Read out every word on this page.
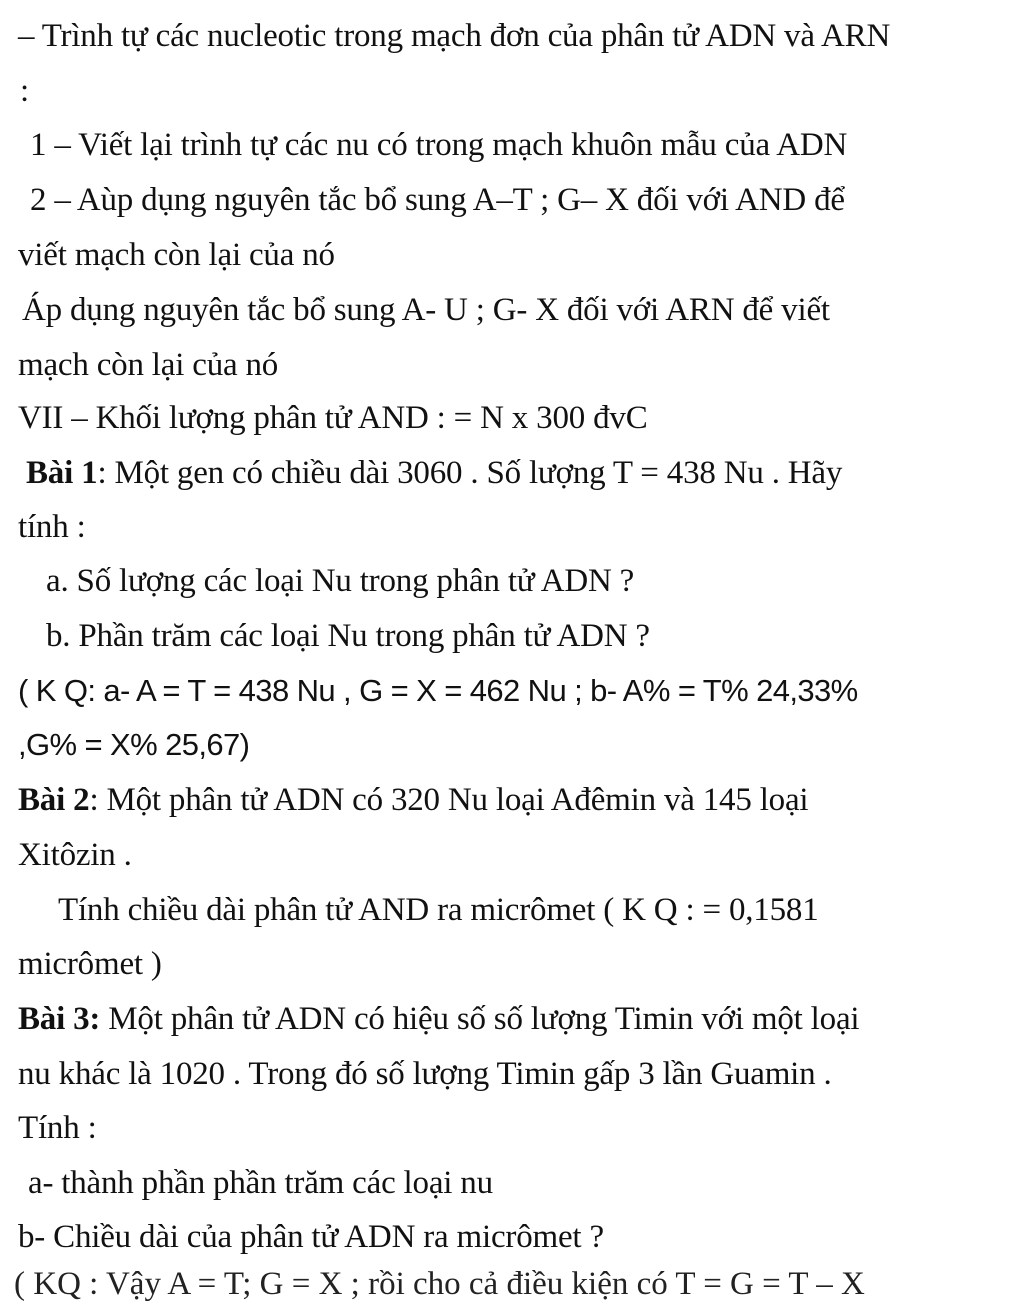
– Trình tự các nucleotic trong mạch đơn của phân tử ADN và ARN
:
1 – Viết lại trình tự các nu có trong mạch khuôn mẫu của ADN
2 – Aùp dụng nguyên tắc bổ sung A–T ; G– X đối với AND để
viết mạch còn lại của nó
Áp dụng nguyên tắc bổ sung A- U ; G- X đối với ARN để viết
mạch còn lại của nó
VII – Khối lượng phân tử AND : = N x 300 đvC
Bài 1: Một gen có chiều dài 3060 . Số lượng T = 438 Nu . Hãy
tính :
a. Số lượng các loại Nu trong phân tử ADN ?
b. Phần trăm các loại Nu trong phân tử ADN ?
( K Q: a- A = T = 438 Nu , G = X = 462 Nu ; b- A% = T% 24,33%
,G% = X% 25,67)
Bài 2: Một phân tử ADN có 320 Nu loại Ađêmin và 145 loại
Xitôzin .
Tính chiều dài phân tử AND ra micrômet ( K Q : = 0,1581
micrômet )
Bài 3: Một phân tử ADN có hiệu số số lượng Timin với một loại
nu khác là 1020 . Trong đó số lượng Timin gấp 3 lần Guamin .
Tính :
a- thành phần phần trăm các loại nu
b- Chiều dài của phân tử ADN ra micrômet ?
( KQ : Vậy A = T; G = X ; rồi cho cả điều kiện có T = G = T – X
